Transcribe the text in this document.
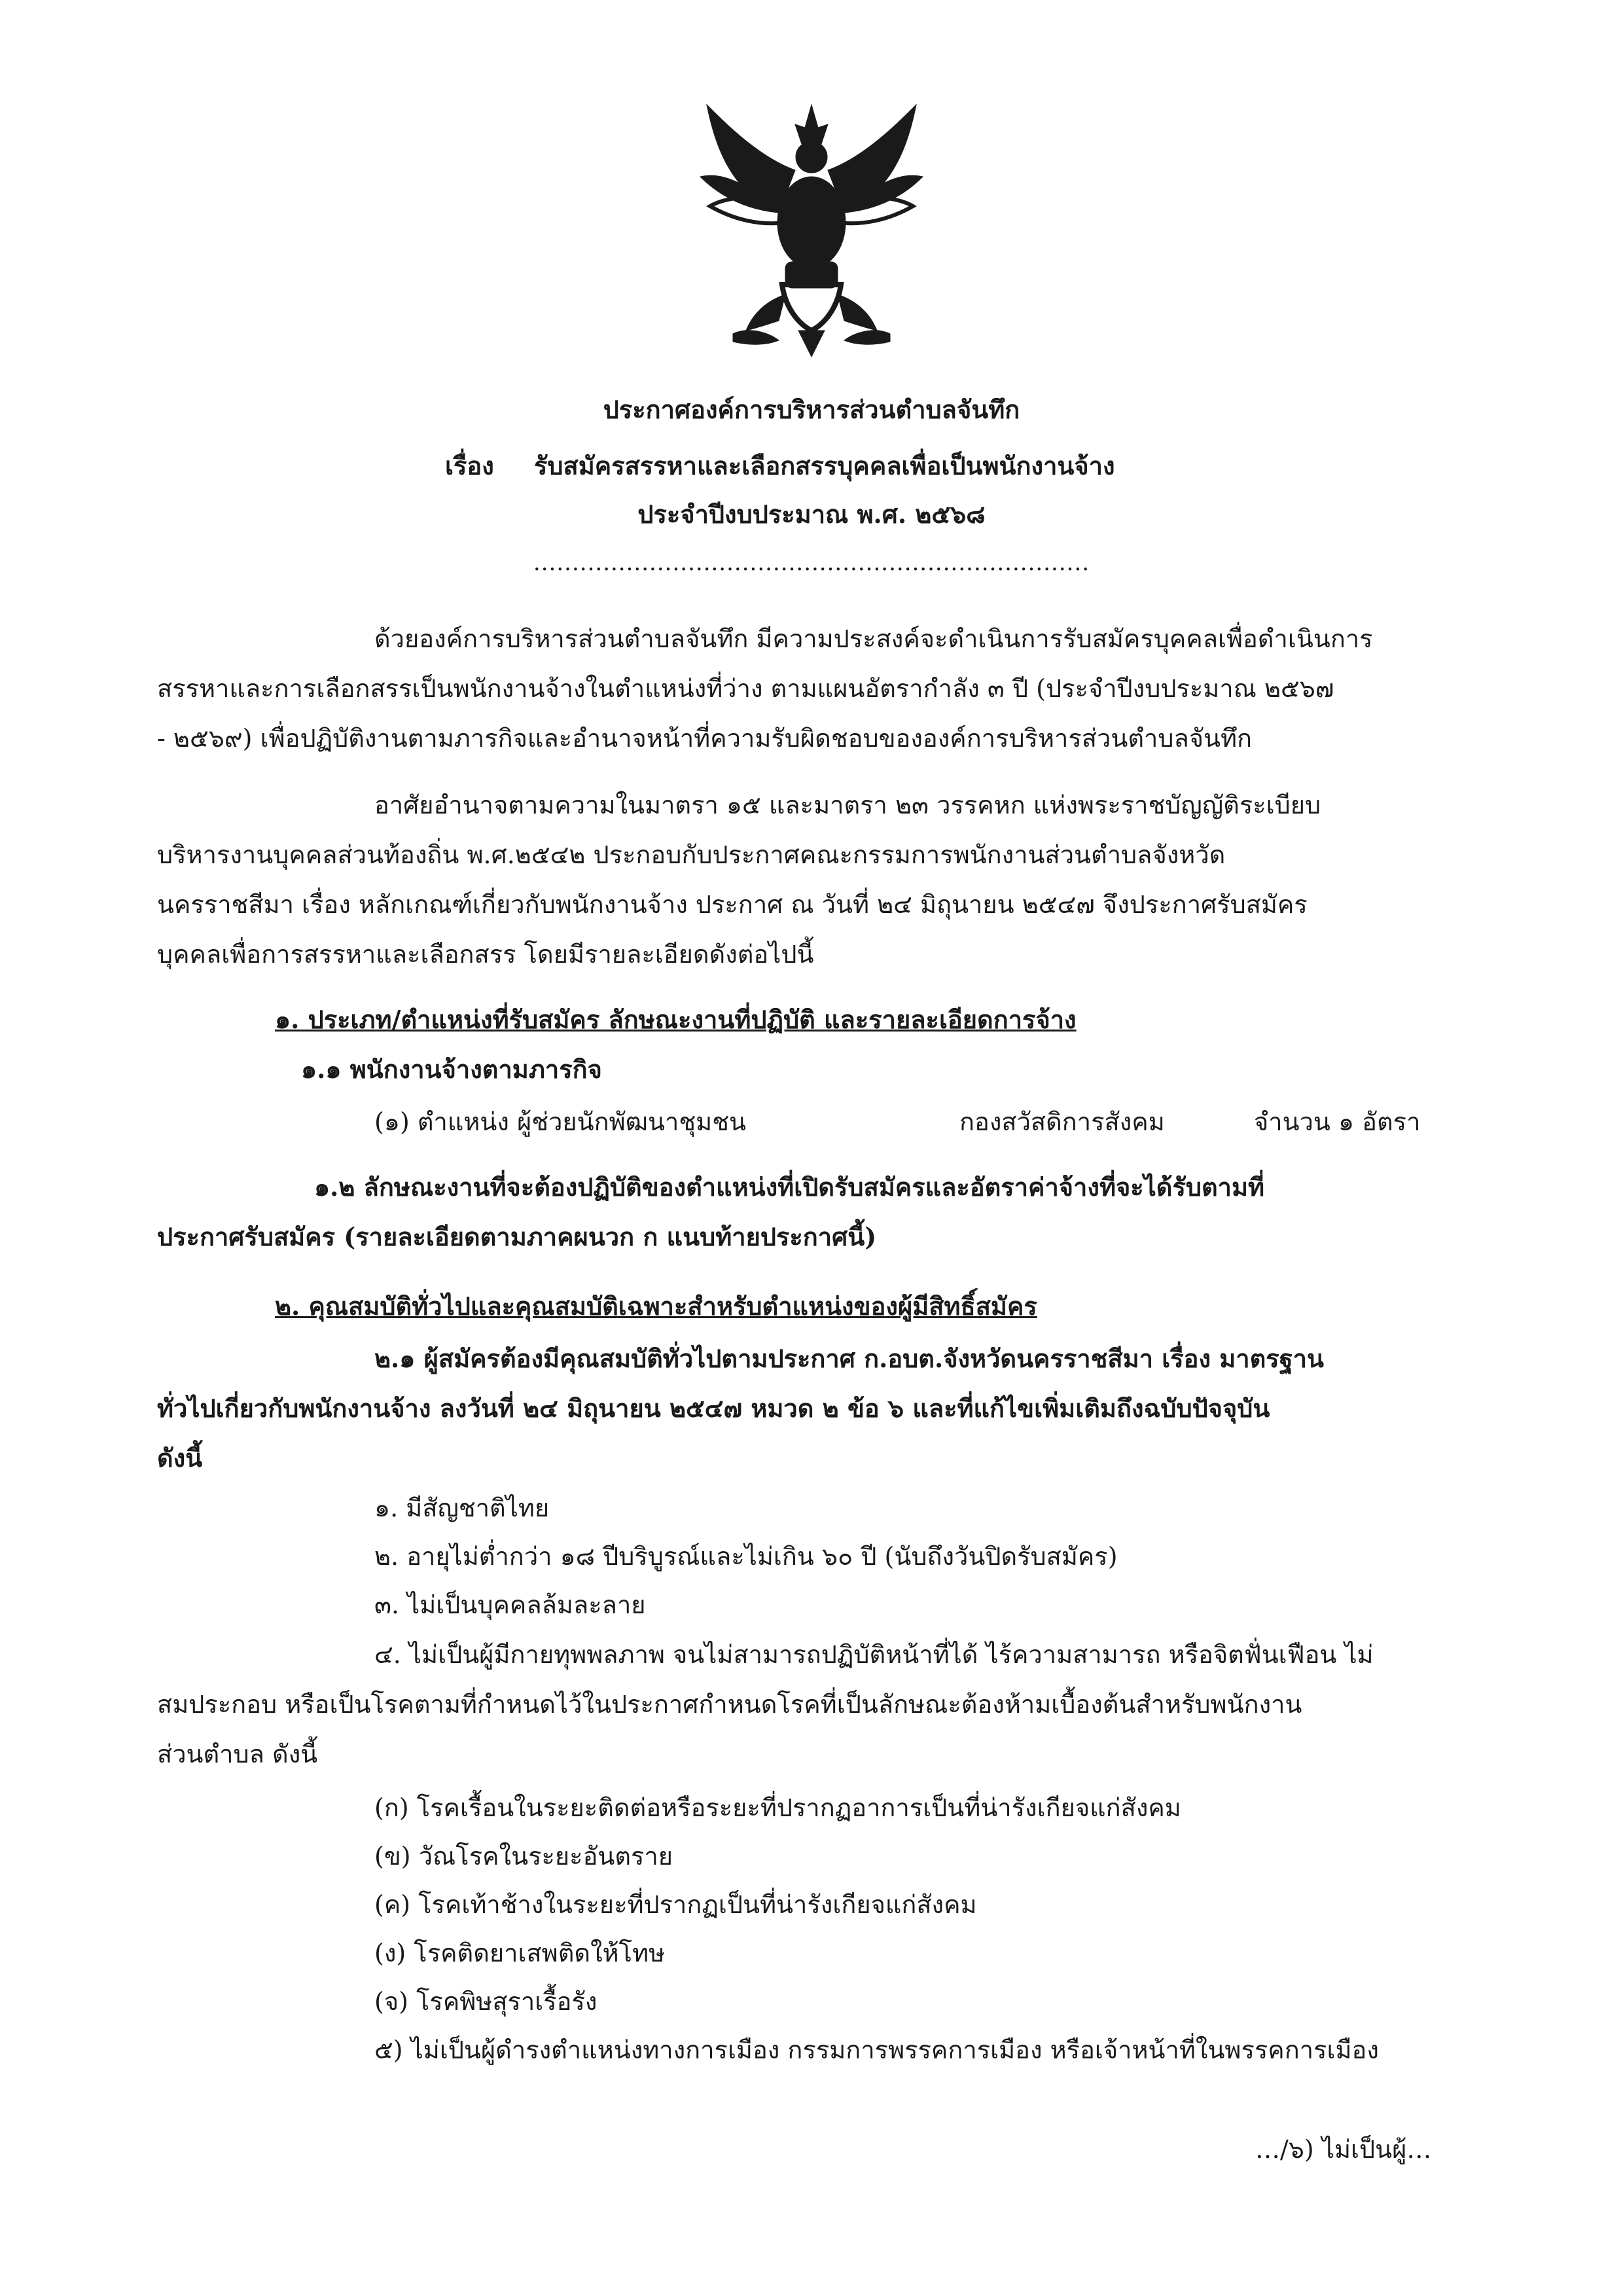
ประกาศองค์การบริหารส่วนตำบลจันทึก
เรื่อง รับสมัครสรรหาและเลือกสรรบุคคลเพื่อเป็นพนักงานจ้าง
ประจำปีงบประมาณ พ.ศ. ๒๕๖๘
........................................................................
ด้วยองค์การบริหารส่วนตำบลจันทึก มีความประสงค์จะดำเนินการรับสมัครบุคคลเพื่อดำเนินการ
สรรหาและการเลือกสรรเป็นพนักงานจ้างในตำแหน่งที่ว่าง ตามแผนอัตรากำลัง ๓ ปี (ประจำปีงบประมาณ ๒๕๖๗
- ๒๕๖๙) เพื่อปฏิบัติงานตามภารกิจและอำนาจหน้าที่ความรับผิดชอบขององค์การบริหารส่วนตำบลจันทึก
อาศัยอำนาจตามความในมาตรา ๑๕ และมาตรา ๒๓ วรรคหก แห่งพระราชบัญญัติระเบียบ
บริหารงานบุคคลส่วนท้องถิ่น พ.ศ.๒๕๔๒ ประกอบกับประกาศคณะกรรมการพนักงานส่วนตำบลจังหวัด
นครราชสีมา เรื่อง หลักเกณฑ์เกี่ยวกับพนักงานจ้าง ประกาศ ณ วันที่ ๒๔ มิถุนายน ๒๕๔๗ จึงประกาศรับสมัคร
บุคคลเพื่อการสรรหาและเลือกสรร โดยมีรายละเอียดดังต่อไปนี้
๑. ประเภท/ตำแหน่งที่รับสมัคร ลักษณะงานที่ปฏิบัติ และรายละเอียดการจ้าง
๑.๑ พนักงานจ้างตามภารกิจ
(๑) ตำแหน่ง ผู้ช่วยนักพัฒนาชุมชน	กองสวัสดิการสังคม	จำนวน ๑ อัตรา
๑.๒ ลักษณะงานที่จะต้องปฏิบัติของตำแหน่งที่เปิดรับสมัครและอัตราค่าจ้างที่จะได้รับตามที่
ประกาศรับสมัคร (รายละเอียดตามภาคผนวก ก แนบท้ายประกาศนี้)
๒. คุณสมบัติทั่วไปและคุณสมบัติเฉพาะสำหรับตำแหน่งของผู้มีสิทธิ์สมัคร
๒.๑ ผู้สมัครต้องมีคุณสมบัติทั่วไปตามประกาศ ก.อบต.จังหวัดนครราชสีมา เรื่อง มาตรฐาน
ทั่วไปเกี่ยวกับพนักงานจ้าง ลงวันที่ ๒๔ มิถุนายน ๒๕๔๗ หมวด ๒ ข้อ ๖ และที่แก้ไขเพิ่มเติมถึงฉบับปัจจุบัน
ดังนี้
๑. มีสัญชาติไทย
๒. อายุไม่ต่ำกว่า ๑๘ ปีบริบูรณ์และไม่เกิน ๖๐ ปี (นับถึงวันปิดรับสมัคร)
๓. ไม่เป็นบุคคลล้มละลาย
๔. ไม่เป็นผู้มีกายทุพพลภาพ จนไม่สามารถปฏิบัติหน้าที่ได้ ไร้ความสามารถ หรือจิตฟั่นเฟือน ไม่
สมประกอบ หรือเป็นโรคตามที่กำหนดไว้ในประกาศกำหนดโรคที่เป็นลักษณะต้องห้ามเบื้องต้นสำหรับพนักงาน
ส่วนตำบล ดังนี้
(ก) โรคเรื้อนในระยะติดต่อหรือระยะที่ปรากฏอาการเป็นที่น่ารังเกียจแก่สังคม
(ข) วัณโรคในระยะอันตราย
(ค) โรคเท้าช้างในระยะที่ปรากฏเป็นที่น่ารังเกียจแก่สังคม
(ง) โรคติดยาเสพติดให้โทษ
(จ) โรคพิษสุราเรื้อรัง
๕) ไม่เป็นผู้ดำรงตำแหน่งทางการเมือง กรรมการพรรคการเมือง หรือเจ้าหน้าที่ในพรรคการเมือง
…/๖) ไม่เป็นผู้…
